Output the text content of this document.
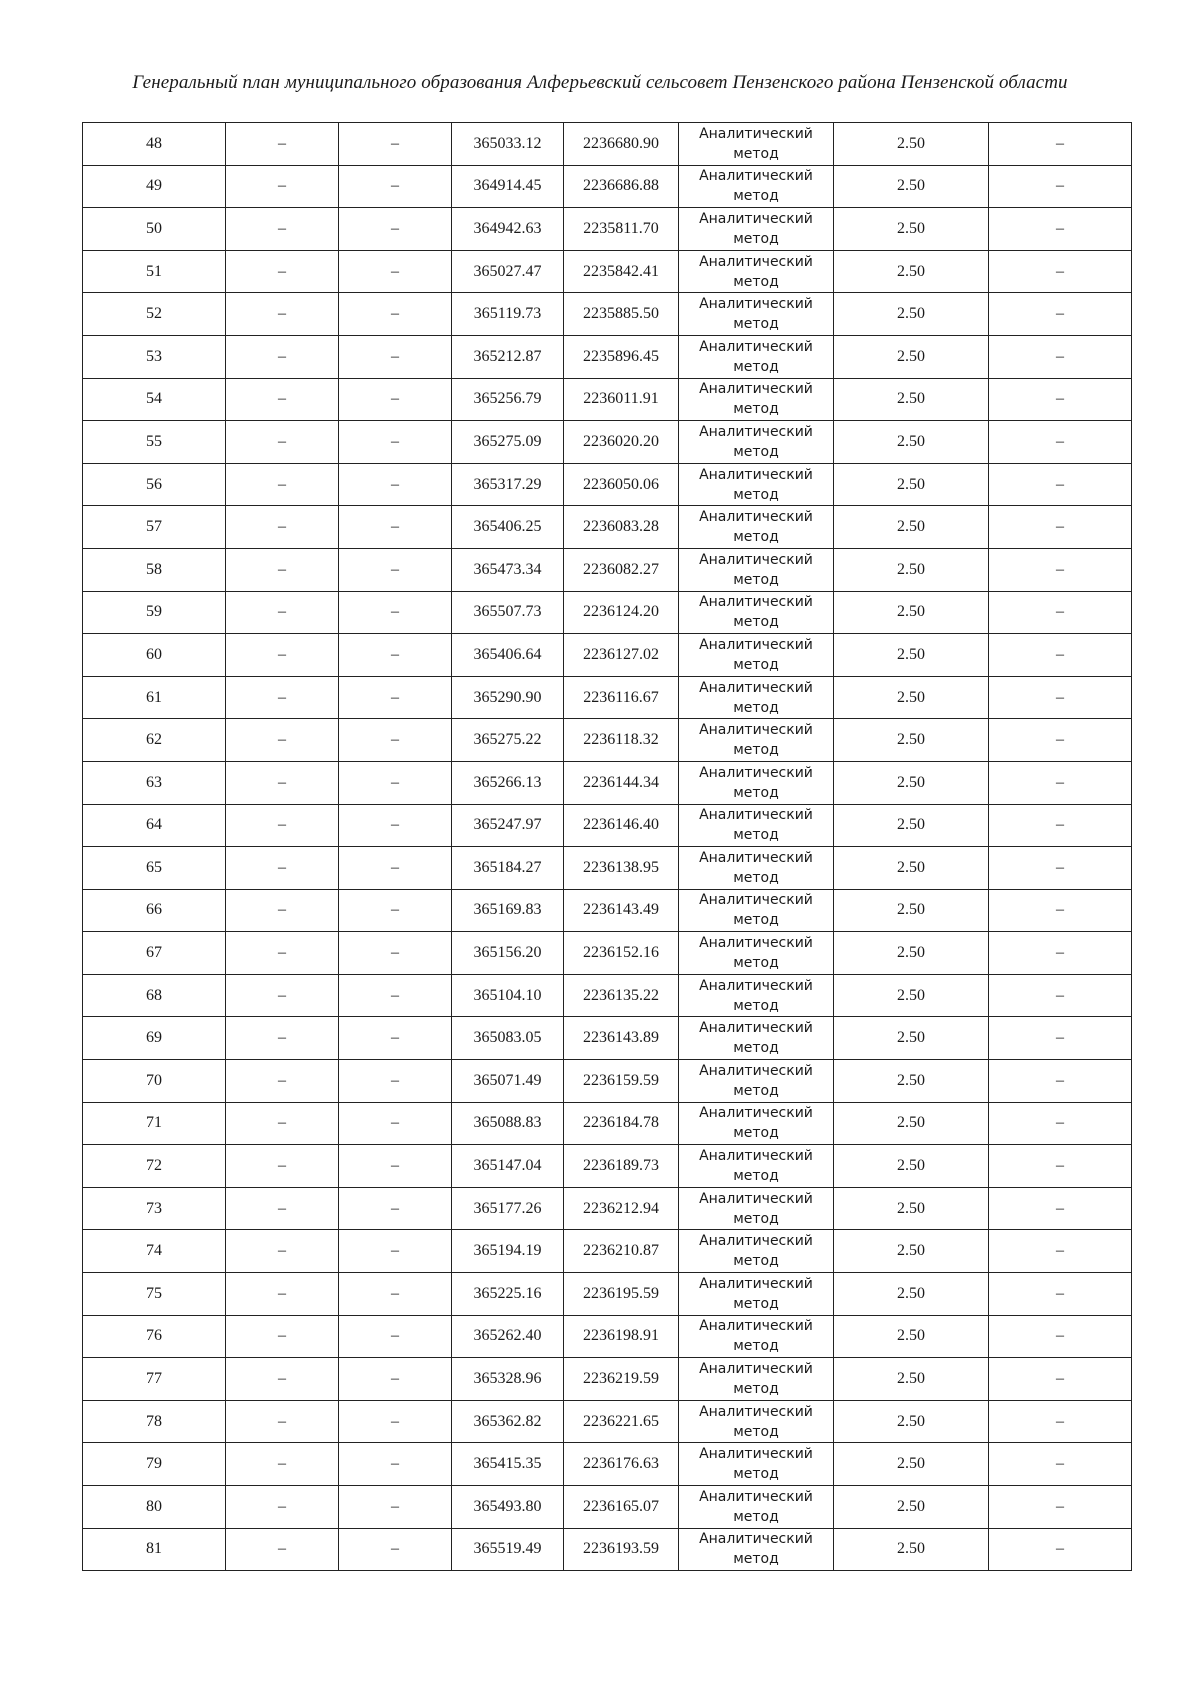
Генеральный план муниципального образования Алферьевский сельсовет Пензенского района Пензенской области
48	–	–	365033.12	2236680.90	Аналитический
метод	2.50	–
49	–	–	364914.45	2236686.88	Аналитический
метод	2.50	–
50	–	–	364942.63	2235811.70	Аналитический
метод	2.50	–
51	–	–	365027.47	2235842.41	Аналитический
метод	2.50	–
52	–	–	365119.73	2235885.50	Аналитический
метод	2.50	–
53	–	–	365212.87	2235896.45	Аналитический
метод	2.50	–
54	–	–	365256.79	2236011.91	Аналитический
метод	2.50	–
55	–	–	365275.09	2236020.20	Аналитический
метод	2.50	–
56	–	–	365317.29	2236050.06	Аналитический
метод	2.50	–
57	–	–	365406.25	2236083.28	Аналитический
метод	2.50	–
58	–	–	365473.34	2236082.27	Аналитический
метод	2.50	–
59	–	–	365507.73	2236124.20	Аналитический
метод	2.50	–
60	–	–	365406.64	2236127.02	Аналитический
метод	2.50	–
61	–	–	365290.90	2236116.67	Аналитический
метод	2.50	–
62	–	–	365275.22	2236118.32	Аналитический
метод	2.50	–
63	–	–	365266.13	2236144.34	Аналитический
метод	2.50	–
64	–	–	365247.97	2236146.40	Аналитический
метод	2.50	–
65	–	–	365184.27	2236138.95	Аналитический
метод	2.50	–
66	–	–	365169.83	2236143.49	Аналитический
метод	2.50	–
67	–	–	365156.20	2236152.16	Аналитический
метод	2.50	–
68	–	–	365104.10	2236135.22	Аналитический
метод	2.50	–
69	–	–	365083.05	2236143.89	Аналитический
метод	2.50	–
70	–	–	365071.49	2236159.59	Аналитический
метод	2.50	–
71	–	–	365088.83	2236184.78	Аналитический
метод	2.50	–
72	–	–	365147.04	2236189.73	Аналитический
метод	2.50	–
73	–	–	365177.26	2236212.94	Аналитический
метод	2.50	–
74	–	–	365194.19	2236210.87	Аналитический
метод	2.50	–
75	–	–	365225.16	2236195.59	Аналитический
метод	2.50	–
76	–	–	365262.40	2236198.91	Аналитический
метод	2.50	–
77	–	–	365328.96	2236219.59	Аналитический
метод	2.50	–
78	–	–	365362.82	2236221.65	Аналитический
метод	2.50	–
79	–	–	365415.35	2236176.63	Аналитический
метод	2.50	–
80	–	–	365493.80	2236165.07	Аналитический
метод	2.50	–
81	–	–	365519.49	2236193.59	Аналитический
метод	2.50	–
